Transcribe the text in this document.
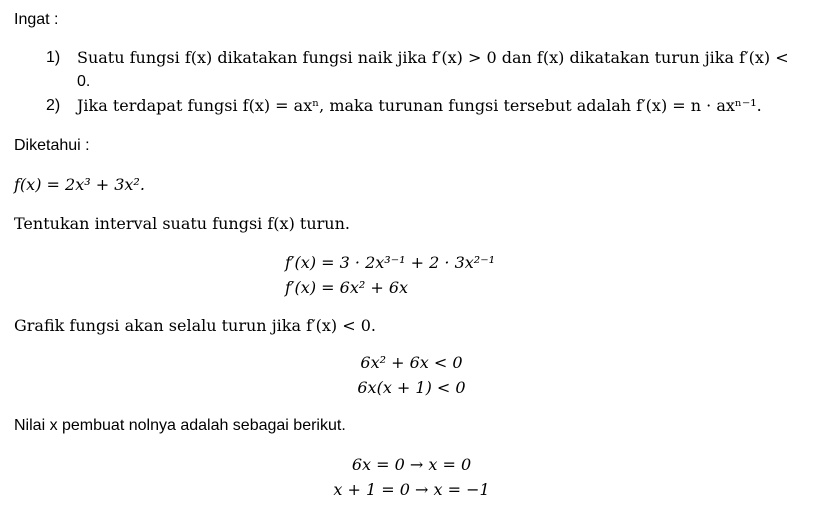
Ingat :
1) Suatu fungsi f(x) dikatakan fungsi naik jika f′(x) > 0 dan f(x) dikatakan turun jika f′(x) <
0.
2) Jika terdapat fungsi f(x) = axⁿ, maka turunan fungsi tersebut adalah f′(x) = n · axⁿ⁻¹.
Diketahui :
f(x) = 2x³ + 3x².
Tentukan interval suatu fungsi f(x) turun.
f′(x) = 3 · 2x³⁻¹ + 2 · 3x²⁻¹
f′(x) = 6x² + 6x
Grafik fungsi akan selalu turun jika f′(x) < 0.
6x² + 6x < 0
6x(x + 1) < 0
Nilai x pembuat nolnya adalah sebagai berikut.
6x = 0 → x = 0
x + 1 = 0 → x = −1
